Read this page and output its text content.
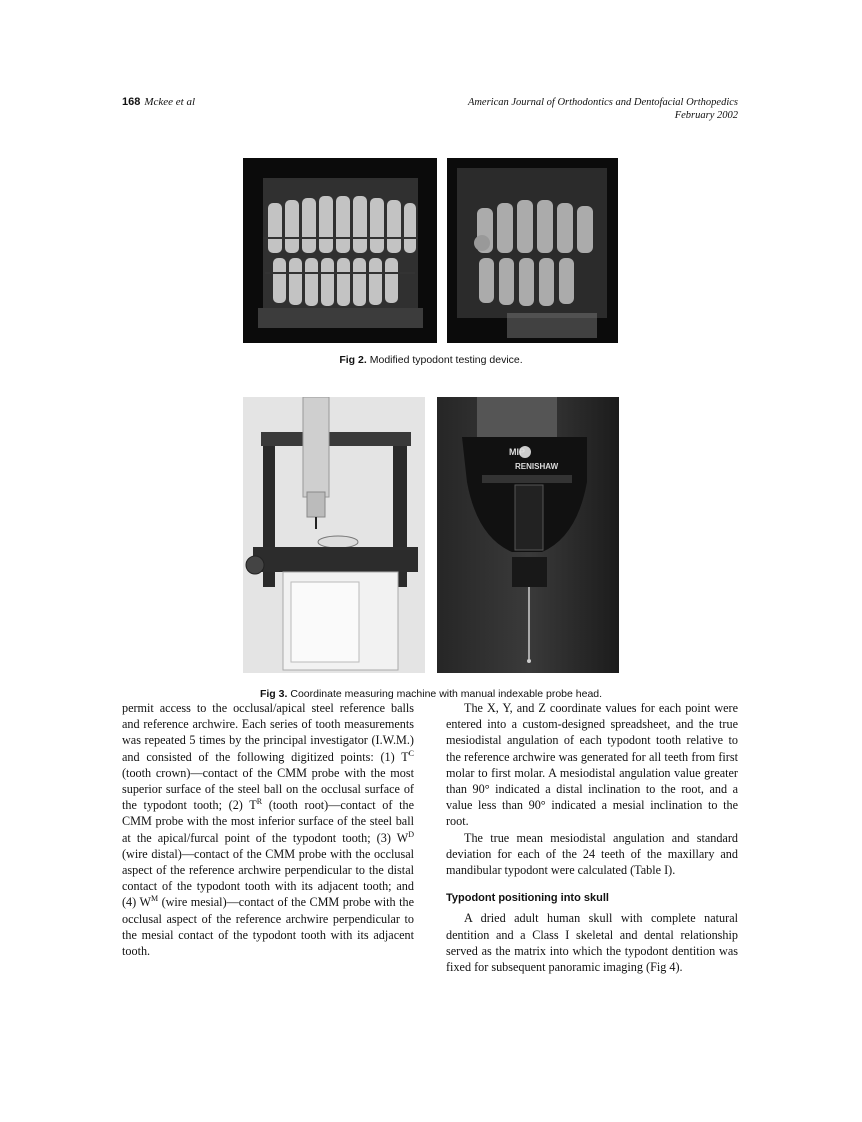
168 Mckee et al	American Journal of Orthodontics and Dentofacial Orthopedics
February 2002
Fig 2. Modified typodont testing device.
MIP
RENISHAW
Fig 3. Coordinate measuring machine with manual indexable probe head.

permit access to the occlusal/apical steel reference balls and reference archwire. Each series of tooth measurements was repeated 5 times by the principal investigator (I.W.M.) and consisted of the following digitized points: (1) $T^C$ (tooth crown)—contact of the CMM probe with the most superior surface of the steel ball on the occlusal surface of the typodont tooth; (2) $T^R$ (tooth root)—contact of the CMM probe with the most inferior surface of the steel ball at the apical/furcal point of the typodont tooth; (3) $W^D$ (wire distal)—contact of the CMM probe with the occlusal aspect of the reference archwire perpendicular to the distal contact of the typodont tooth with its adjacent tooth; and (4) $W^M$ (wire mesial)—contact of the CMM probe with the occlusal aspect of the reference archwire perpendicular to the mesial contact of the typodont tooth with its adjacent tooth.

The X, Y, and Z coordinate values for each point were entered into a custom-designed spreadsheet, and the true mesiodistal angulation of each typodont tooth relative to the reference archwire was generated for all teeth from first molar to first molar. A mesiodistal angulation value greater than 90° indicated a distal inclination to the root, and a value less than 90° indicated a mesial inclination to the root.

The true mean mesiodistal angulation and standard deviation for each of the 24 teeth of the maxillary and mandibular typodont were calculated (Table I).

Typodont positioning into skull

A dried adult human skull with complete natural dentition and a Class I skeletal and dental relationship served as the matrix into which the typodont dentition was fixed for subsequent panoramic imaging (Fig 4).
